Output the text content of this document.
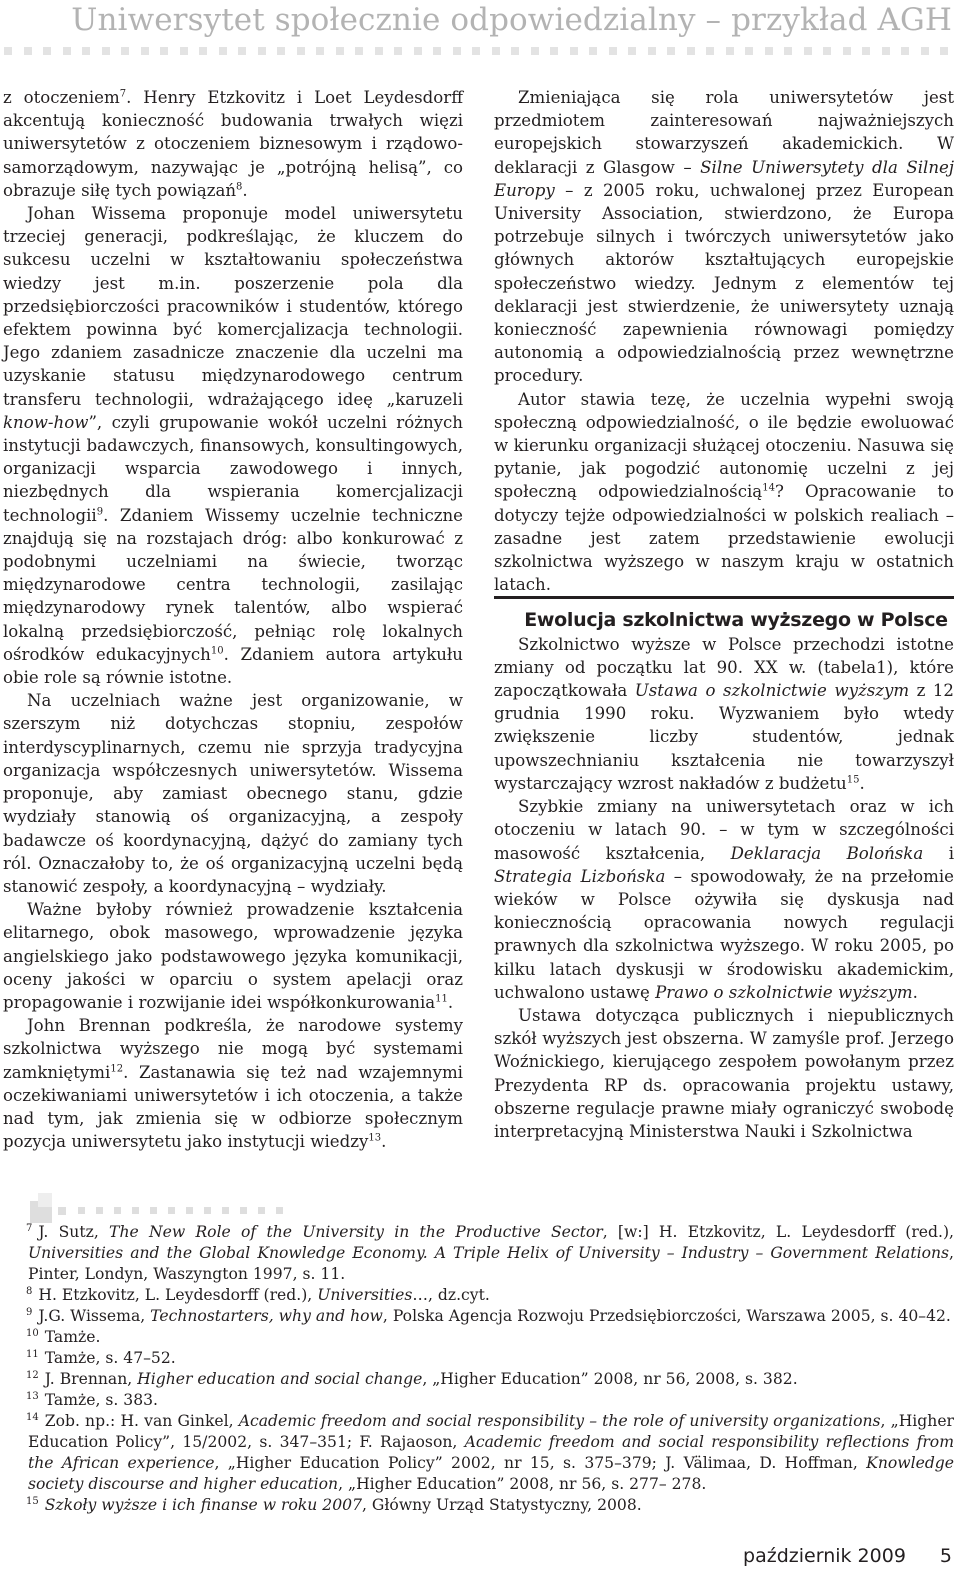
Uniwersytet społecznie odpowiedzialny – przykład AGH

z otoczeniem$^7$. Henry Etzkovitz i Loet Leydesdorff akcentują konieczność budowania trwałych więzi uniwersytetów z otoczeniem biznesowym i rządowo-samorządowym, nazywając je „potrójną helisą”, co obrazuje siłę tych powiązań$^8$.

Johan Wissema proponuje model uniwersytetu trzeciej generacji, podkreślając, że kluczem do sukcesu uczelni w kształtowaniu społeczeństwa wiedzy jest m.in. poszerzenie pola dla przedsiębiorczości pracowników i studentów, którego efektem powinna być komercjalizacja technologii. Jego zdaniem zasadnicze znaczenie dla uczelni ma uzyskanie statusu międzynarodowego centrum transferu technologii, wdrażającego ideę „karuzeli know-how”, czyli grupowanie wokół uczelni różnych instytucji badawczych, finansowych, konsultingowych, organizacji wsparcia zawodowego i innych, niezbędnych dla wspierania komercjalizacji technologii$^9$. Zdaniem Wissemy uczelnie techniczne znajdują się na rozstajach dróg: albo konkurować z podobnymi uczelniami na świecie, tworząc międzynarodowe centra technologii, zasilając międzynarodowy rynek talentów, albo wspierać lokalną przedsiębiorczość, pełniąc rolę lokalnych ośrodków edukacyjnych$^{10}$. Zdaniem autora artykułu obie role są równie istotne.

Na uczelniach ważne jest organizowanie, w szerszym niż dotychczas stopniu, zespołów interdyscyplinarnych, czemu nie sprzyja tradycyjna organizacja współczesnych uniwersytetów. Wissema proponuje, aby zamiast obecnego stanu, gdzie wydziały stanowią oś organizacyjną, a zespoły badawcze oś koordynacyjną, dążyć do zamiany tych ról. Oznaczałoby to, że oś organizacyjną uczelni będą stanowić zespoły, a koordynacyjną – wydziały.

Ważne byłoby również prowadzenie kształcenia elitarnego, obok masowego, wprowadzenie języka angielskiego jako podstawowego języka komunikacji, oceny jakości w oparciu o system apelacji oraz propagowanie i rozwijanie idei współkonkurowania$^{11}$.

John Brennan podkreśla, że narodowe systemy szkolnictwa wyższego nie mogą być systemami zamkniętymi$^{12}$. Zastanawia się też nad wzajemnymi oczekiwaniami uniwersytetów i ich otoczenia, a także nad tym, jak zmienia się w odbiorze społecznym pozycja uniwersytetu jako instytucji wiedzy$^{13}$.

Zmieniająca się rola uniwersytetów jest przedmiotem zainteresowań najważniejszych europejskich stowarzyszeń akademickich. W deklaracji z Glasgow – Silne Uniwersytety dla Silnej Europy – z 2005 roku, uchwalonej przez European University Association, stwierdzono, że Europa potrzebuje silnych i twórczych uniwersytetów jako głównych aktorów kształtujących europejskie społeczeństwo wiedzy. Jednym z elementów tej deklaracji jest stwierdzenie, że uniwersytety uznają konieczność zapewnienia równowagi pomiędzy autonomią a odpowiedzialnością przez wewnętrzne procedury.

Autor stawia tezę, że uczelnia wypełni swoją społeczną odpowiedzialność, o ile będzie ewoluować w kierunku organizacji służącej otoczeniu. Nasuwa się pytanie, jak pogodzić autonomię uczelni z jej społeczną odpowiedzialnością$^{14}$? Opracowanie to dotyczy tejże odpowiedzialności w polskich realiach – zasadne jest zatem przedstawienie ewolucji szkolnictwa wyższego w naszym kraju w ostatnich latach.

Ewolucja szkolnictwa wyższego w Polsce

Szkolnictwo wyższe w Polsce przechodzi istotne zmiany od początku lat 90. XX w. (tabela1), które zapoczątkowała Ustawa o szkolnictwie wyższym z 12 grudnia 1990 roku. Wyzwaniem było wtedy zwiększenie liczby studentów, jednak upowszechnianiu kształcenia nie towarzyszył wystarczający wzrost nakładów z budżetu$^{15}$.

Szybkie zmiany na uniwersytetach oraz w ich otoczeniu w latach 90. – w tym w szczególności masowość kształcenia, Deklaracja Bolońska i Strategia Lizbońska – spowodowały, że na przełomie wieków w Polsce ożywiła się dyskusja nad koniecznością opracowania nowych regulacji prawnych dla szkolnictwa wyższego. W roku 2005, po kilku latach dyskusji w środowisku akademickim, uchwalono ustawę Prawo o szkolnictwie wyższym.

Ustawa dotycząca publicznych i niepublicznych szkół wyższych jest obszerna. W zamyśle prof. Jerzego Woźnickiego, kierującego zespołem powołanym przez Prezydenta RP ds. opracowania projektu ustawy, obszerne regulacje prawne miały ograniczyć swobodę interpretacyjną Ministerstwa Nauki i Szkolnictwa

7 J. Sutz, The New Role of the University in the Productive Sector, [w:] H. Etzkovitz, L. Leydesdorff (red.), Universities and the Global Knowledge Economy. A Triple Helix of University – Industry – Government Relations, Pinter, Londyn, Waszyngton 1997, s. 11.

8 H. Etzkovitz, L. Leydesdorff (red.), Universities…, dz.cyt.

9 J.G. Wissema, Technostarters, why and how, Polska Agencja Rozwoju Przedsiębiorczości, Warszawa 2005, s. 40–42.

10 Tamże.

11 Tamże, s. 47–52.

12 J. Brennan, Higher education and social change, „Higher Education” 2008, nr 56, 2008, s. 382.

13 Tamże, s. 383.

14 Zob. np.: H. van Ginkel, Academic freedom and social responsibility – the role of university organizations, „Higher Education Policy”, 15/2002, s. 347–351; F. Rajaoson, Academic freedom and social responsibility reflections from the African experience, „Higher Education Policy” 2002, nr 15, s. 375–379; J. Välimaa, D. Hoffman, Knowledge society discourse and higher education, „Higher Education” 2008, nr 56, s. 277– 278.

15 Szkoły wyższe i ich finanse w roku 2007, Główny Urząd Statystyczny, 2008.

październik 2009 5
